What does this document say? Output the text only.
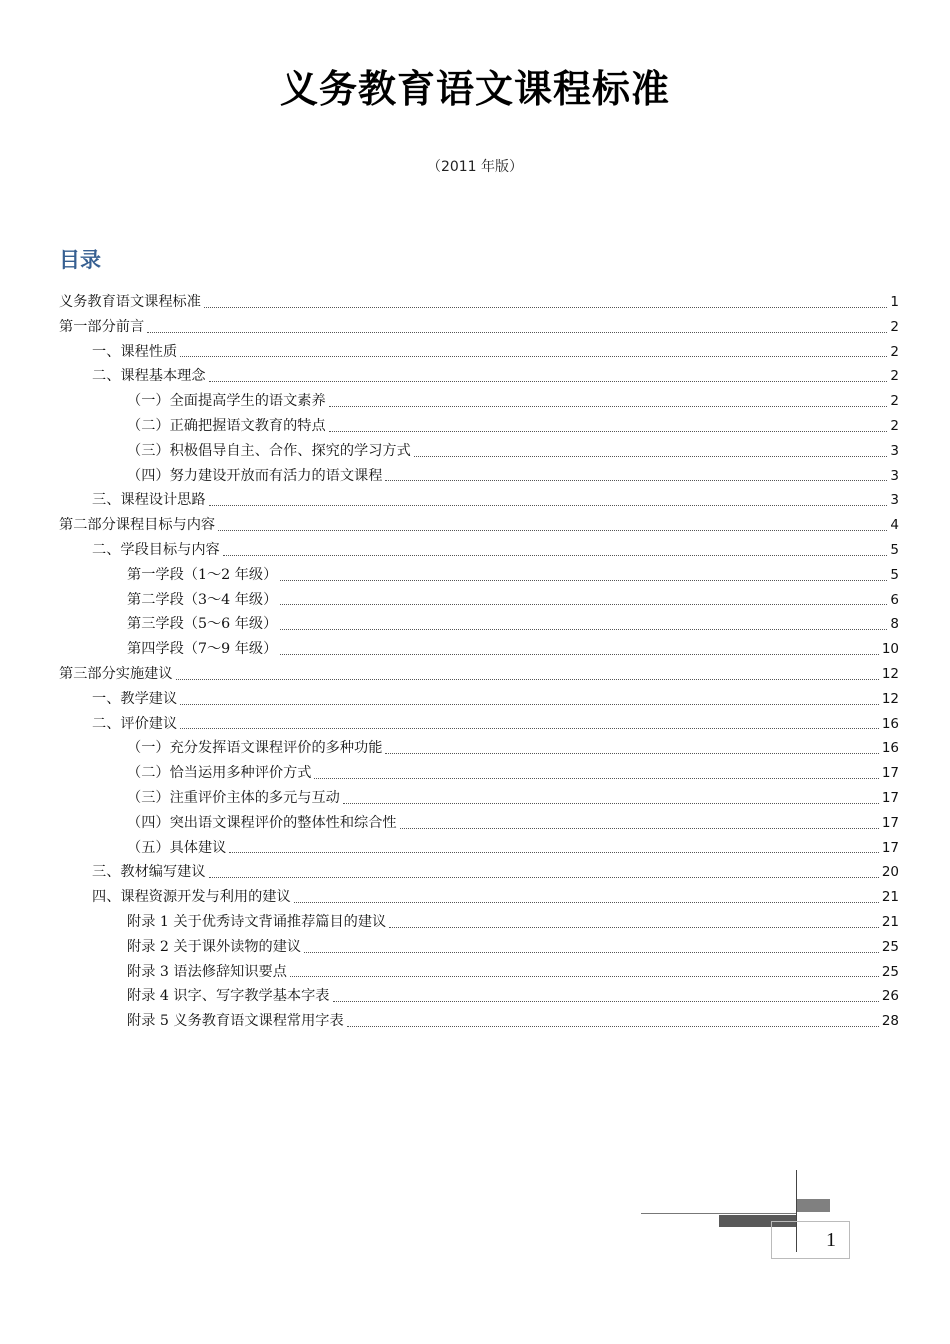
义务教育语文课程标准
（2011 年版）
目录
义务教育语文课程标准	1
第一部分前言	2
一、课程性质	2
二、课程基本理念	2
（一）全面提高学生的语文素养	2
（二）正确把握语文教育的特点	2
（三）积极倡导自主、合作、探究的学习方式	3
（四）努力建设开放而有活力的语文课程	3
三、课程设计思路	3
第二部分课程目标与内容	4
二、学段目标与内容	5
第一学段（1～2 年级）	5
第二学段（3～4 年级）	6
第三学段（5～6 年级）	8
第四学段（7～9 年级）	10
第三部分实施建议	12
一、教学建议	12
二、评价建议	16
（一）充分发挥语文课程评价的多种功能	16
（二）恰当运用多种评价方式	17
（三）注重评价主体的多元与互动	17
（四）突出语文课程评价的整体性和综合性	17
（五）具体建议	17
三、教材编写建议	20
四、课程资源开发与利用的建议	21
附录 1 关于优秀诗文背诵推荐篇目的建议	21
附录 2 关于课外读物的建议	25
附录 3 语法修辞知识要点	25
附录 4 识字、写字教学基本字表	26
附录 5 义务教育语文课程常用字表	28
1
